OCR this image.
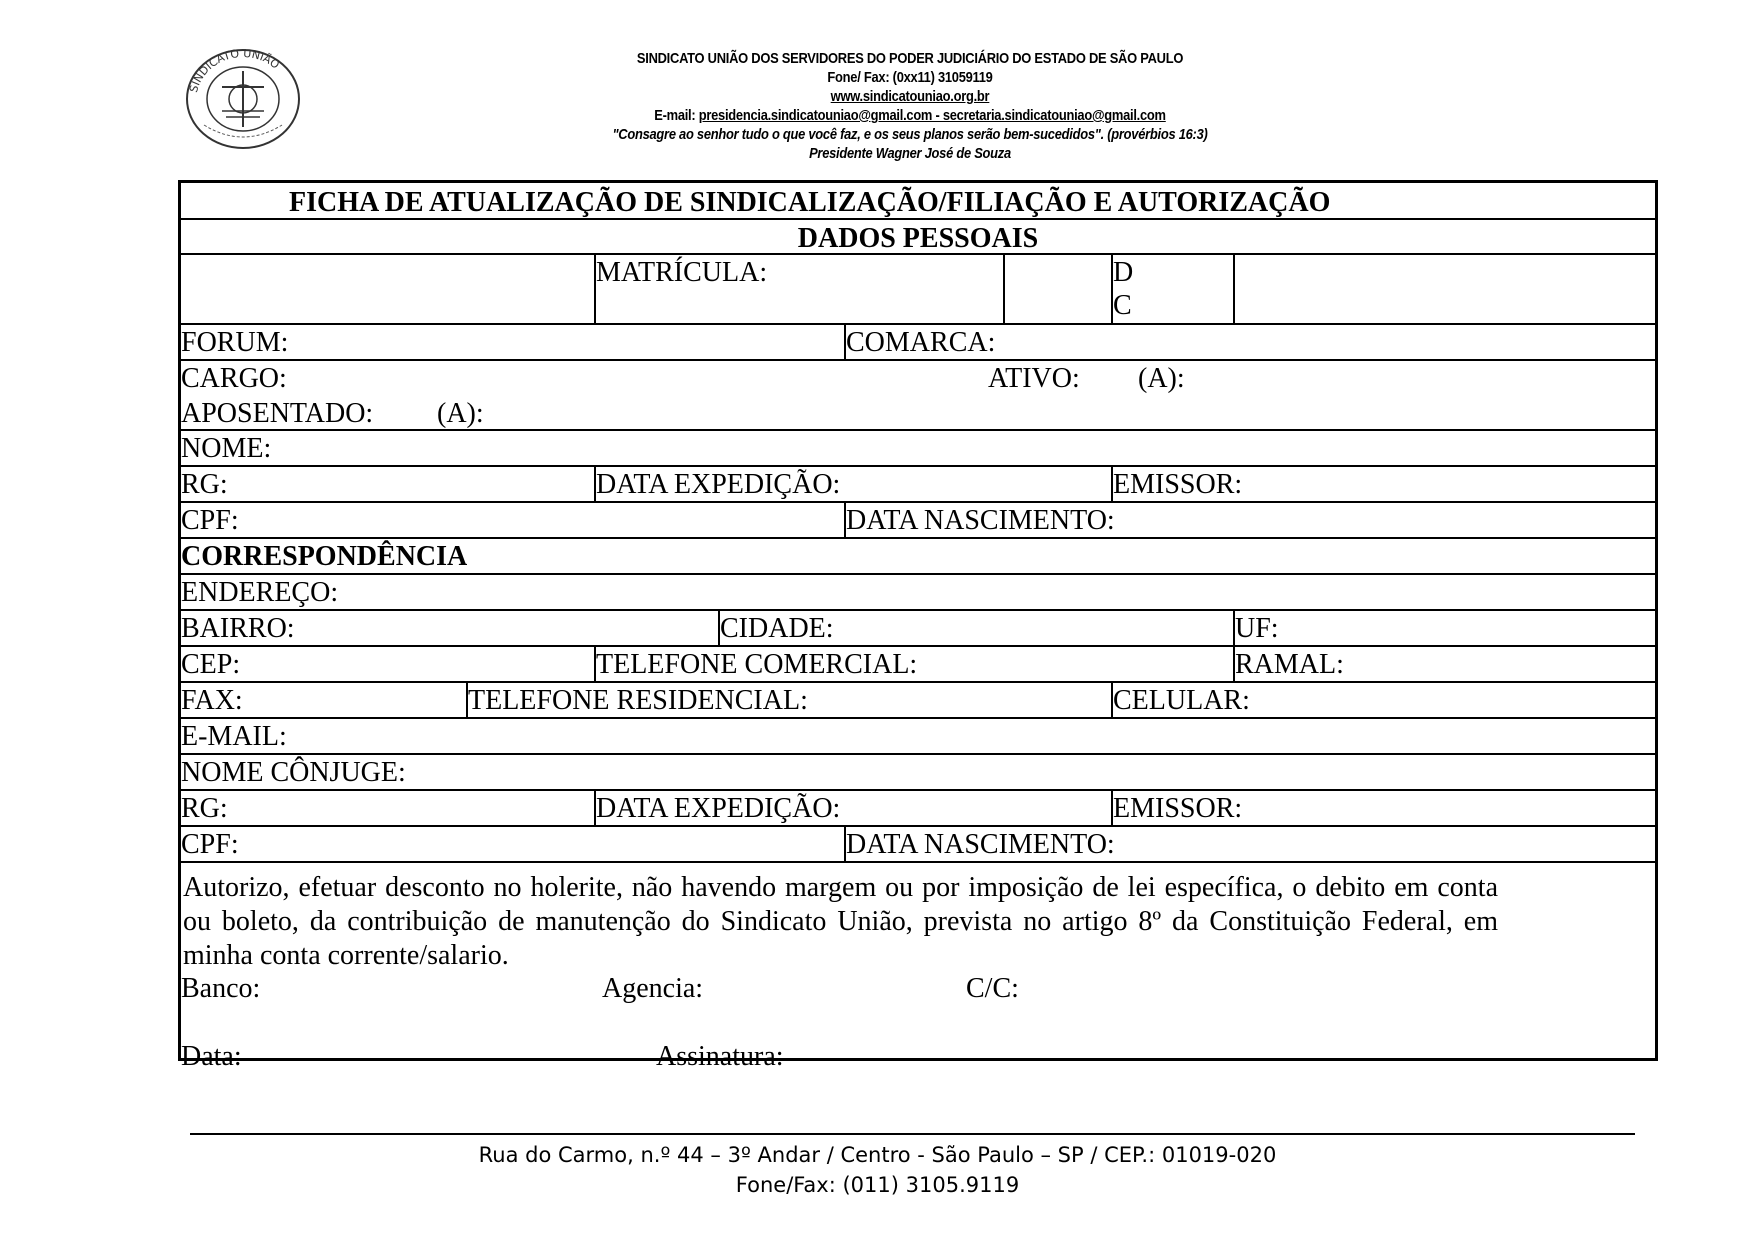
SINDICATO UNIÃO	SINDICATO UNIÃO DOS SERVIDORES DO PODER JUDICIÁRIO DO ESTADO DE SÃO PAULO
Fone/ Fax: (0xx11) 31059119
www.sindicatouniao.org.br
E-mail: presidencia.sindicatouniao@gmail.com - secretaria.sindicatouniao@gmail.com
"Consagre ao senhor tudo o que você faz, e os seus planos serão bem-sucedidos". (provérbios 16:3)
Presidente Wagner José de Souza
FICHA DE ATUALIZAÇÃO DE SINDICALIZAÇÃO/FILIAÇÃO E AUTORIZAÇÃO
DADOS PESSOAIS
MATRÍCULA:	D
C
FORUM:	COMARCA:
CARGO:	ATIVO: (A):
APOSENTADO: (A):
NOME:
RG:	DATA EXPEDIÇÃO:	EMISSOR:
CPF:	DATA NASCIMENTO:
CORRESPONDÊNCIA
ENDEREÇO:
BAIRRO:	CIDADE:	UF:
CEP:	TELEFONE COMERCIAL:	RAMAL:
FAX:	TELEFONE RESIDENCIAL:	CELULAR:
E-MAIL:
NOME CÔNJUGE:
RG:	DATA EXPEDIÇÃO:	EMISSOR:
CPF:	DATA NASCIMENTO:
Autorizo, efetuar desconto no holerite, não havendo margem ou por imposição de lei específica, o debito em conta ou boleto, da contribuição de manutenção do Sindicato União, prevista no artigo 8º da Constituição Federal, em minha conta corrente/salario.
Banco:	Agencia:	C/C:
Data:	Assinatura:
Rua do Carmo, n.º 44 – 3º Andar / Centro - São Paulo – SP / CEP.: 01019-020
Fone/Fax: (011) 3105.9119
